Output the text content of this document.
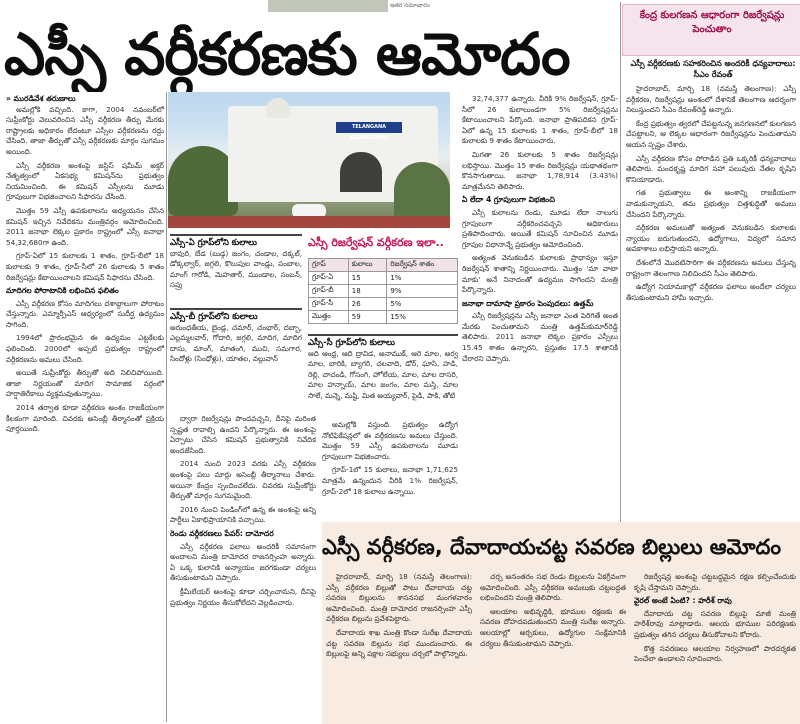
ఇతర సమాచారం
ఎస్సీ వర్గీకరణకు ఆమోదం
» మురడివేశ తరుణాలు

అమల్లోకి వచ్చింది. కాగా, 2004 నవంబర్‌లో సుప్రీంకోర్టు వెలువరించిన ఎస్సీ వర్గీకరణ తీర్పు మేరకు రాష్ట్రాలకు అధికారం లేదంటూ ఎస్సీల వర్గీకరణను రద్దు చేసింది. తాజా తీర్పుతో ఎస్సీ వర్గీకరణకు మార్గం సుగమం అయింది.

ఎస్సీ వర్గీకరణ అంశంపై జస్టిస్ షమీమ్ అక్తర్ నేతృత్వంలో ఏకసభ్య కమిషన్‌ను ప్రభుత్వం నియమించింది. ఈ కమిషన్ ఎస్సీలను మూడు గ్రూపులుగా విభజించాలని సిఫారసు చేసింది.

మొత్తం 59 ఎస్సీ ఉపకులాలను అధ్యయనం చేసిన కమిషన్ ఇచ్చిన నివేదికను మంత్రివర్గం ఆమోదించింది. 2011 జనాభా లెక్కల ప్రకారం రాష్ట్రంలో ఎస్సీ జనాభా 54,32,680గా ఉంది.

గ్రూప్-ఏలో 15 కులాలకు 1 శాతం, గ్రూప్-బీలో 18 కులాలకు 9 శాతం, గ్రూప్-సీలో 26 కులాలకు 5 శాతం రిజర్వేషన్లు కేటాయించాలని కమిషన్ సిఫారసు చేసింది.

మాదిగల పోరాటానికి లభించిన ఫలితం

ఎస్సీ వర్గీకరణ కోసం మాదిగలు దశాబ్దాలుగా పోరాటం చేస్తున్నారు. ఎమ్మార్పీఎస్ ఆధ్వర్యంలో సుదీర్ఘ ఉద్యమం సాగింది.

1994లో ప్రారంభమైన ఈ ఉద్యమం ఎట్టకేలకు ఫలించింది. 2000లో అప్పటి ప్రభుత్వం రాష్ట్రంలో వర్గీకరణను అమలు చేసింది.

అయితే సుప్రీంకోర్టు తీర్పుతో అది నిలిచిపోయింది. తాజా నిర్ణయంతో మాదిగ సామాజిక వర్గంలో హర్షాతిరేకాలు వ్యక్తమవుతున్నాయి.

2014 తర్వాత కూడా వర్గీకరణ అంశం రాజకీయంగా కీలకంగా మారింది. చివరకు అసెంబ్లీ తీర్మానంతో ప్రక్రియ పూర్తయింది.

TELANGANA LEGISLATURE
ఎస్సీ-ఏ గ్రూప్‌లోని కులాలు
బావురి, బేడ (బుడ్గ) జంగం, చండాల, దక్కల్, డోక్కల్వార్, జగ్గలి, కొలుపుల వాండ్లు, పంబాల, మాంగ్ గారోడి, మెహతార్, ముండాల, సంబన్, సప్రు
ఎస్సీ-బీ గ్రూప్‌లోని కులాలు
అరుంధతీయ, బైండ్ల, చమార్, చంభార్, దబ్బా, ఎల్లమ్మలవార్, గోదారి, జగ్గలి, మాదిగ, మాదిగ దాసు, మాంగ్, మాతంగి, ముచి, సమగార, సిందోళ్లు (సింధోళ్లు), యాతల, వల్లువాన్
ఎస్సీ రిజర్వేషన్ వర్గీకరణ ఇలా..
గ్రూప్	కులాలు	రిజర్వేషన్ శాతం
గ్రూప్-ఏ	15	1%
గ్రూప్-బీ	18	9%
గ్రూప్-సీ	26	5%
మొత్తం	59	15%
ఎస్సీ-సీ గ్రూప్‌లోని కులాలు
ఆది ఆంధ్ర, ఆది ద్రావిడ, అనాముక్, ఆరె మాల, అర్వ మాల, బారికి, బ్యాగరి, చలవాది, డోర్, ఘాసి, హడి, రెల్లి, చాచండి, గోసంగి, హోలేయ, మాల, మాల దాసరి, మాల హన్నాయ్, మాల జంగం, మాల మస్తి, మాల సాలే, మన్నె, మష్టి, మిత అయ్యవార్, పైడి, పాకి, తోటి

32,74,377 ఉన్నారు. వీరికి 9% రిజర్వేషన్, గ్రూప్-సీలో 26 కులాలుండగా 5% రిజర్వేషన్లను కేటాయించాలని పేర్కొంది. జనాభా ప్రాతిపదికన గ్రూప్-ఏలో ఉన్న 15 కులాలకు 1 శాతం, గ్రూప్-బీలో 18 కులాలకు 9 శాతం కేటాయించారు.

మిగతా 26 కులాలకు 5 శాతం రిజర్వేషన్లు లభిస్తాయి. మొత్తం 15 శాతం రిజర్వేషన్లు యథాతథంగా కొనసాగుతాయి. జనాభా 1,78,914 (3.43%) మాత్రమేనని తెలిపారు.

ఏ లేదా 4 గ్రూపులుగా విభజించి

ఎస్సీ కులాలను రెండు, మూడు లేదా నాలుగు గ్రూపులుగా వర్గీకరించవచ్చని అధికారులు ప్రతిపాదించారు. అయితే కమిషన్ సూచించిన మూడు గ్రూపుల విధానాన్నే ప్రభుత్వం ఆమోదించింది.

అత్యంత వెనుకబడిన కులాలకు ప్రాధాన్యం ఇస్తూ రిజర్వేషన్ శాతాన్ని నిర్ణయించారు. మొత్తం 'మా వాటా మాకు' అనే నినాదంతో ఉద్యమం సాగిందని మంత్రి పేర్కొన్నారు.

జనాభా దామాషా ప్రకారం పెంపుదలు: ఉత్తమ్

ఎస్సీ రిజర్వేషన్లను ఎస్సీ జనాభా ఎంత పెరిగితే అంత మేరకు పెంచుతామని మంత్రి ఉత్తమ్‌కుమార్‌రెడ్డి తెలిపారు. 2011 జనాభా లెక్కల ప్రకారం ఎస్సీలు 15.45 శాతం ఉన్నారని, ప్రస్తుతం 17.5 శాతానికి చేరారని చెప్పారు.

అమల్లోకి వస్తుంది. ప్రభుత్వం ఉద్యోగ నోటిఫికేషన్లలో ఈ వర్గీకరణను అమలు చేస్తుంది. మొత్తం 59 ఎస్సీ ఉపకులాలను మూడు గ్రూపులుగా విభజించారు.

గ్రూప్-1లో 15 కులాలు, జనాభా 1,71,625 మాత్రమే ఉన్నందున వీరికి 1% రిజర్వేషన్, గ్రూప్-2లో 18 కులాలు ఉన్నాయి.

ద్వారా రిజర్వేషన్లు పొందవచ్చని, దీనిపై మరింత స్పష్టత రావాల్సి ఉందని పేర్కొన్నారు. ఈ అంశంపై ఏర్పాటు చేసిన కమిషన్ ప్రభుత్వానికి నివేదిక అందజేసింది.

2014 నుంచి 2023 వరకు ఎస్సీ వర్గీకరణ అంశంపై పలు మార్లు అసెంబ్లీ తీర్మానాలు చేశారు. అయినా కేంద్రం స్పందించలేదు. చివరకు సుప్రీంకోర్టు తీర్పుతో మార్గం సుగమమైంది.

2016 నుంచి పెండింగ్‌లో ఉన్న ఈ అంశంపై అన్ని పార్టీలు ఏకాభిప్రాయానికి వచ్చాయి.

రెండు వర్గీకరణలు పేపర్: దామోదర

ఎస్సీ వర్గీకరణ ఫలాలు అందరికీ సమానంగా అందాలని మంత్రి దామోదర రాజనర్సింహ అన్నారు. ఏ ఒక్క కులానికి అన్యాయం జరగకుండా చర్యలు తీసుకుంటామని చెప్పారు.

క్రీమీలేయర్ అంశంపై కూడా చర్చించామని, దీనిపై ప్రభుత్వం నిర్ణయం తీసుకోలేదని వెల్లడించారు.

కేంద్ర కులగణన ఆధారంగా రిజర్వేషన్లు పెంచుతాం
ఎస్సీ వర్గీకరణకు సహకరించిన అందరికీ ధన్యవాదాలు: సీఎం రేవంత్

హైదరాబాద్, మార్చి 18 (నమస్తే తెలంగాణ): ఎస్సీ వర్గీకరణ, రిజర్వేషన్లు అంశంలో దేశానికే తెలంగాణ ఆదర్శంగా నిలుస్తుందని సీఎం రేవంత్‌రెడ్డి అన్నారు.

కేంద్ర ప్రభుత్వం త్వరలో చేపట్టనున్న జనగణనలో కులగణన చేపట్టాలని, ఆ లెక్కల ఆధారంగా రిజర్వేషన్లను పెంచుతామని ఆయన స్పష్టం చేశారు.

ఎస్సీ వర్గీకరణ కోసం పోరాడిన ప్రతి ఒక్కరికీ ధన్యవాదాలు తెలిపారు. మందకృష్ణ మాదిగ సహా పలువురు నేతల కృషిని కొనియాడారు.

గత ప్రభుత్వాలు ఈ అంశాన్ని రాజకీయంగా వాడుకున్నాయని, తమ ప్రభుత్వం చిత్తశుద్ధితో అమలు చేసిందని పేర్కొన్నారు.

వర్గీకరణ అమలుతో అత్యంత వెనుకబడిన కులాలకు న్యాయం జరుగుతుందని, ఉద్యోగాలు, విద్యలో సమాన అవకాశాలు లభిస్తాయని అన్నారు.

దేశంలోనే మొదటిసారిగా ఈ వర్గీకరణను అమలు చేస్తున్న రాష్ట్రంగా తెలంగాణ నిలిచిందని సీఎం తెలిపారు.

ఉద్యోగ నియామకాల్లో వర్గీకరణ ఫలాలు అందేలా చర్యలు తీసుకుంటామని హామీ ఇచ్చారు.

ఎస్సీ వర్గీకరణ, దేవాదాయచట్ట సవరణ బిల్లులు ఆమోదం

హైదరాబాద్, మార్చి 18 (నమస్తే తెలంగాణ): ఎస్సీ వర్గీకరణ బిల్లుతో పాటు దేవాదాయ చట్ట సవరణ బిల్లులను శాసనసభ మంగళవారం ఆమోదించింది. మంత్రి దామోదర రాజనర్సింహ ఎస్సీ వర్గీకరణ బిల్లును ప్రవేశపెట్టారు.

దేవాదాయ శాఖ మంత్రి కొండా సురేఖ దేవాదాయ చట్ట సవరణ బిల్లును సభ ముందుంచారు. ఈ బిల్లులపై అన్ని పక్షాల సభ్యులు చర్చలో పాల్గొన్నారు.

చర్చ అనంతరం సభ రెండు బిల్లులను ఏకగ్రీవంగా ఆమోదించింది. ఎస్సీ వర్గీకరణ అమలుకు చట్టబద్ధత లభించిందని మంత్రి తెలిపారు.

ఆలయాల అభివృద్ధికి, భూముల రక్షణకు ఈ సవరణ దోహదపడుతుందని మంత్రి సురేఖ అన్నారు. ఆలయాల్లో అర్చకులు, ఉద్యోగుల సంక్షేమానికి చర్యలు తీసుకుంటామని చెప్పారు.

రిజర్వేషన్ల అంశంపై చట్టబద్ధమైన రక్షణ కల్పించేందుకు కృషి చేస్తామని చెప్పారు.

వైరల్ అంటే ఏంటి? : హరీశ్ రావు

దేవాదాయ చట్ట సవరణ బిల్లుపై మాజీ మంత్రి హరీశ్‌రావు మాట్లాడారు. ఆలయ భూముల పరిరక్షణకు ప్రభుత్వం తగిన చర్యలు తీసుకోవాలని కోరారు.

కొత్త సవరణలు ఆలయాల నిర్వహణలో పారదర్శకత పెంచేలా ఉండాలని సూచించారు.
